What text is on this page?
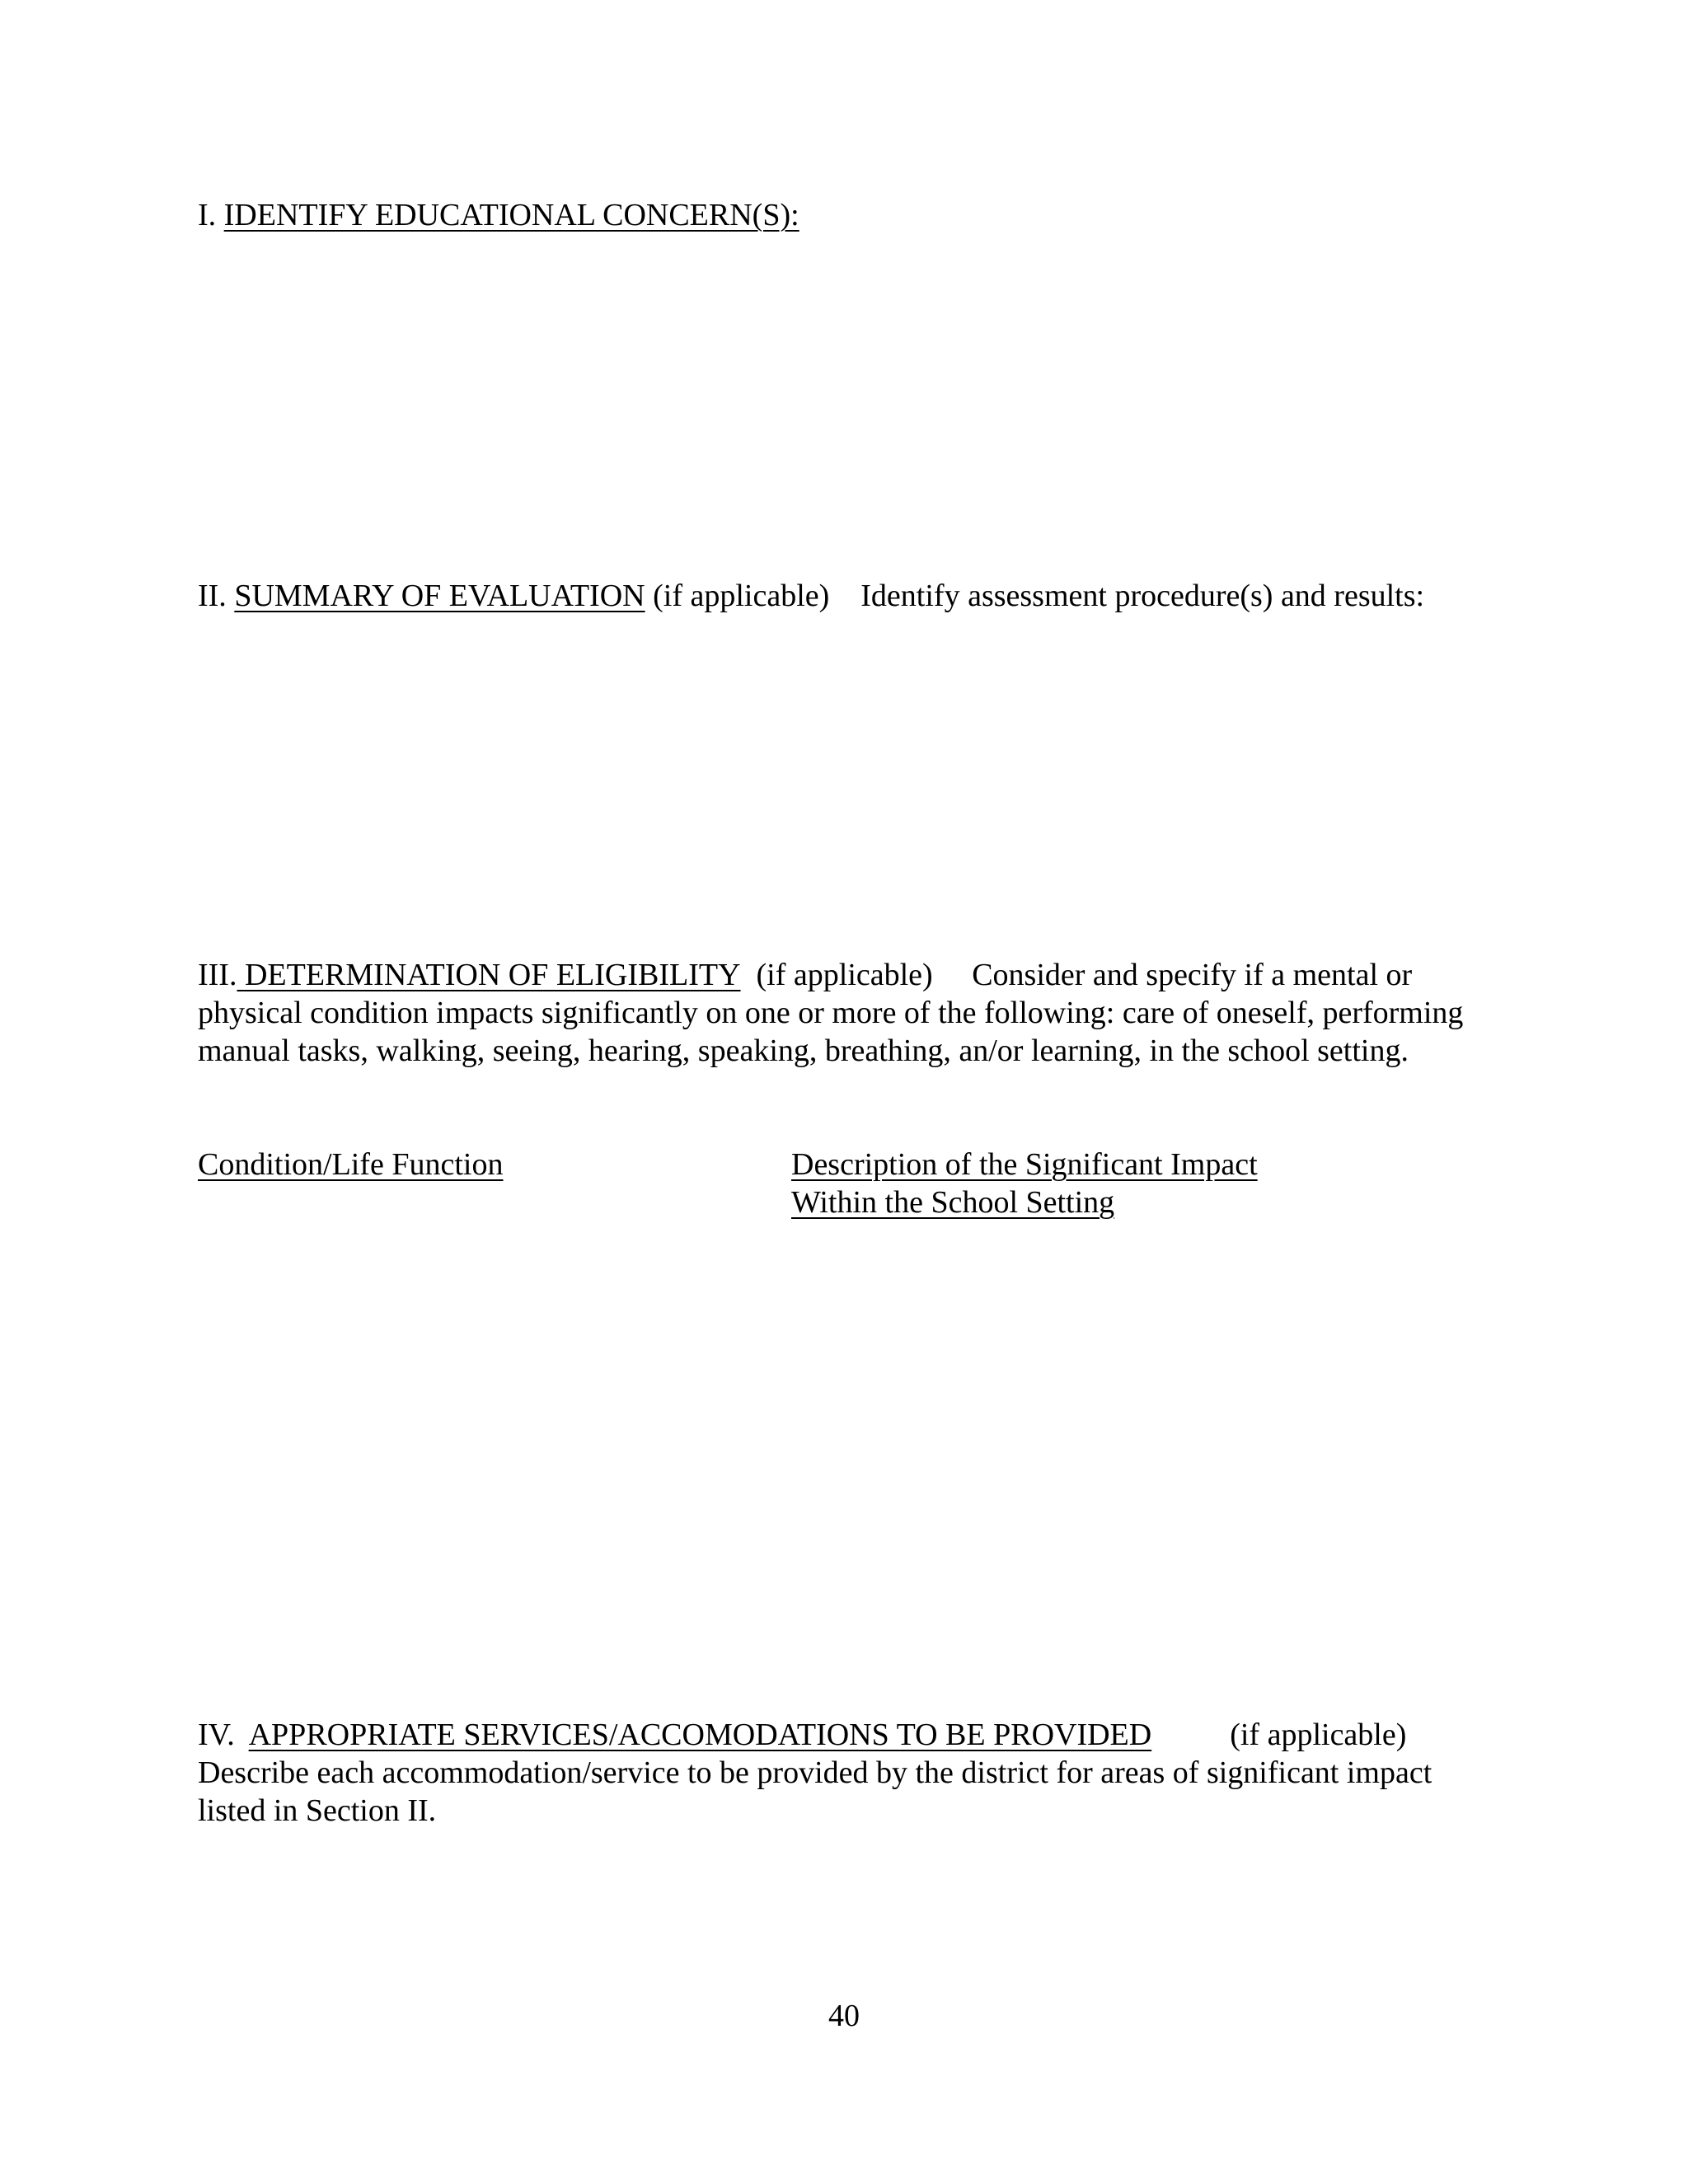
I. IDENTIFY EDUCATIONAL CONCERN(S):

II. SUMMARY OF EVALUATION (if applicable) Identify assessment procedure(s) and results:

III. DETERMINATION OF ELIGIBILITY (if applicable) Consider and specify if a mental or physical condition impacts significantly on one or more of the following: care of oneself, performing manual tasks, walking, seeing, hearing, speaking, breathing, an/or learning, in the school setting.

Condition/Life Function	Description of the Significant Impact
Within the School Setting

IV. APPROPRIATE SERVICES/ACCOMODATIONS TO BE PROVIDED	(if applicable)  Describe each accommodation/service to be provided by the district for areas of significant impact listed in Section II.

40
